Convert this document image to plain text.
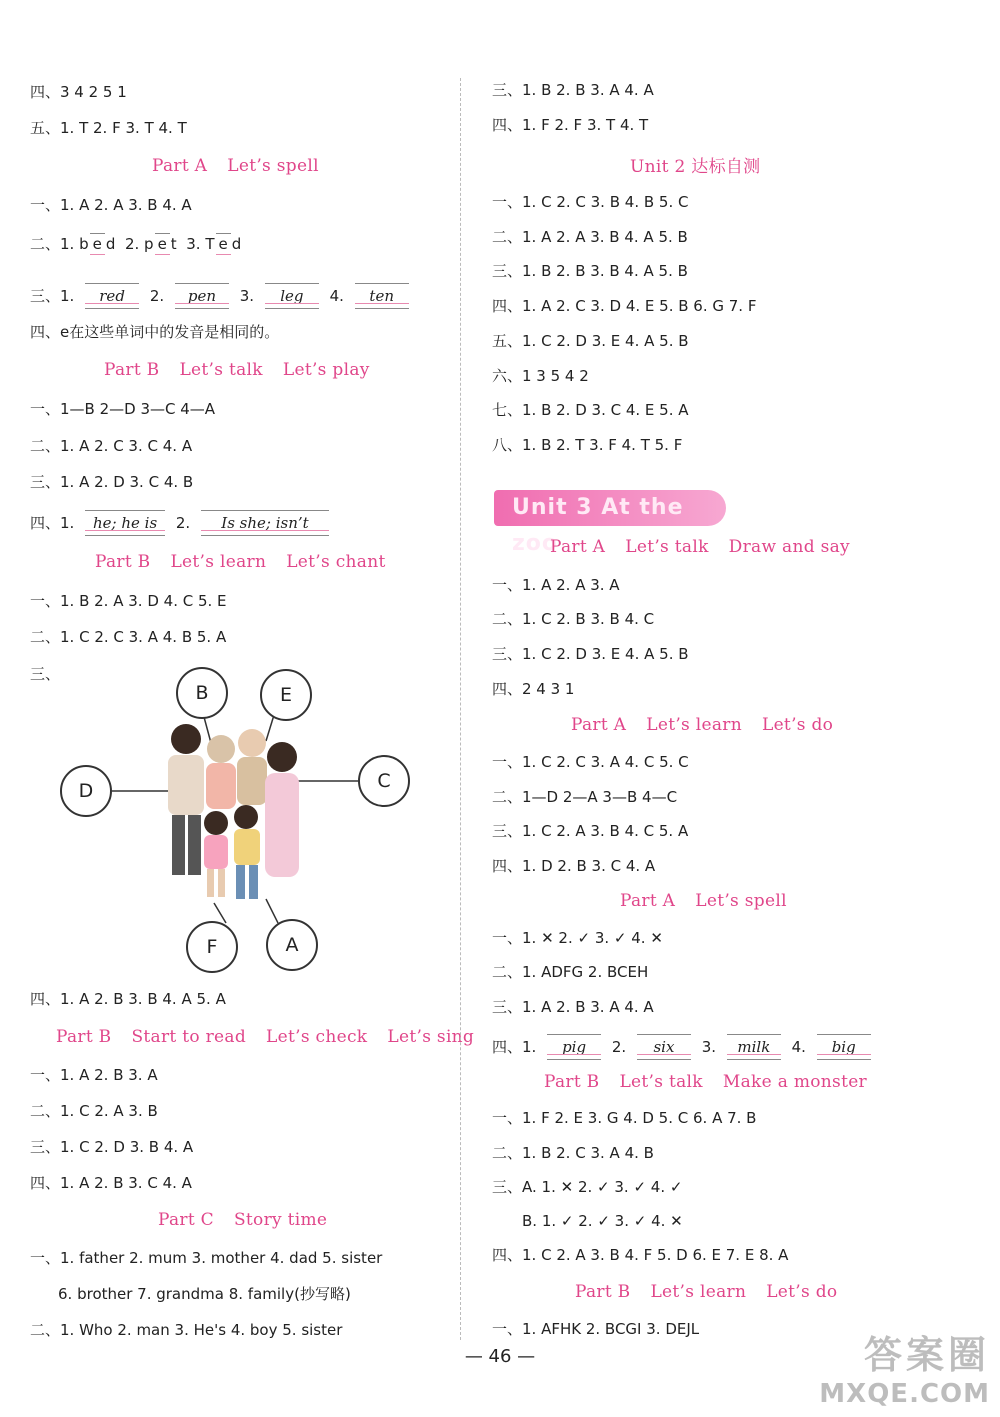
四、3 4 2 5 1
五、1. T 2. F 3. T 4. T
Part A Let’s spell
一、1. A 2. A 3. B 4. A
二、1. b e d 2. p e t 3. T e d
三、1. red 2. pen 3. leg 4. ten
四、e在这些单词中的发音是相同的。
Part B Let’s talk Let’s play
一、1—B 2—D 3—C 4—A
二、1. A 2. C 3. C 4. A
三、1. A 2. D 3. C 4. B
四、1. he; he is 2. Is she; isn’t
Part B Let’s learn Let’s chant
一、1. B 2. A 3. D 4. C 5. E
二、1. C 2. C 3. A 4. B 5. A
三、
B	E
D	C
F	A
四、1. A 2. B 3. B 4. A 5. A
Part B Start to read Let’s check Let’s sing
一、1. A 2. B 3. A
二、1. C 2. A 3. B
三、1. C 2. D 3. B 4. A
四、1. A 2. B 3. C 4. A
Part C Story time
一、1. father 2. mum 3. mother 4. dad 5. sister
6. brother 7. grandma 8. family(抄写略)
二、1. Who 2. man 3. He's 4. boy 5. sister
三、1. B 2. B 3. A 4. A
四、1. F 2. F 3. T 4. T
Unit 2 达标自测
一、1. C 2. C 3. B 4. B 5. C
二、1. A 2. A 3. B 4. A 5. B
三、1. B 2. B 3. B 4. A 5. B
四、1. A 2. C 3. D 4. E 5. B 6. G 7. F
五、1. C 2. D 3. E 4. A 5. B
六、1 3 5 4 2
七、1. B 2. D 3. C 4. E 5. A
八、1. B 2. T 3. F 4. T 5. F
Unit 3 At the zoo
Part A Let’s talk Draw and say
一、1. A 2. A 3. A
二、1. C 2. B 3. B 4. C
三、1. C 2. D 3. E 4. A 5. B
四、2 4 3 1
Part A Let’s learn Let’s do
一、1. C 2. C 3. A 4. C 5. C
二、1—D 2—A 3—B 4—C
三、1. C 2. A 3. B 4. C 5. A
四、1. D 2. B 3. C 4. A
Part A Let’s spell
一、1. ✕ 2. ✓ 3. ✓ 4. ✕
二、1. ADFG 2. BCEH
三、1. A 2. B 3. A 4. A
四、1. pig 2. six 3. milk 4. big
Part B Let’s talk Make a monster
一、1. F 2. E 3. G 4. D 5. C 6. A 7. B
二、1. B 2. C 3. A 4. B
三、A. 1. ✕ 2. ✓ 3. ✓ 4. ✓
B. 1. ✓ 2. ✓ 3. ✓ 4. ✕
四、1. C 2. A 3. B 4. F 5. D 6. E 7. E 8. A
Part B Let’s learn Let’s do
一、1. AFHK 2. BCGI 3. DEJL
— 46 —	答案圈
MXQE.COM
